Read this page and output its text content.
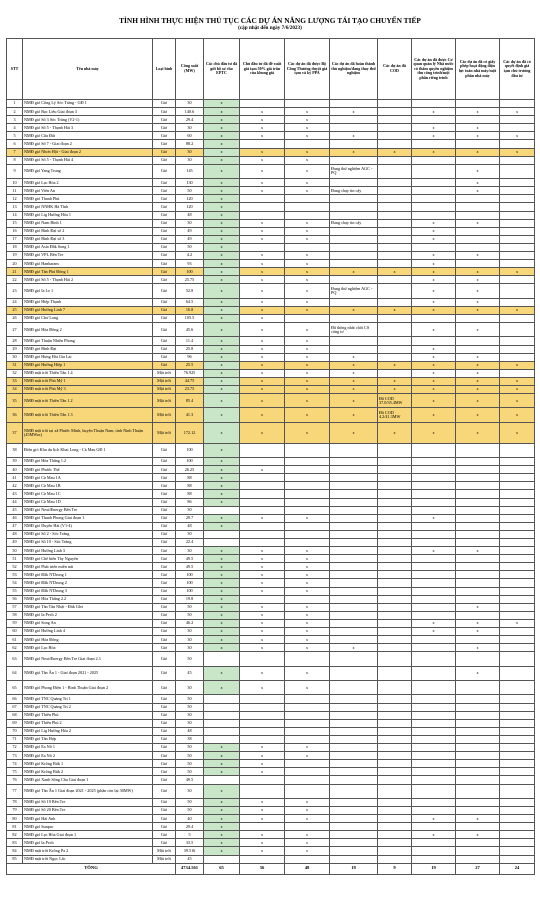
TÌNH HÌNH THỰC HIỆN THỦ TỤC CÁC DỰ ÁN NĂNG LƯỢNG TÁI TẠO CHUYỂN TIẾP
(cập nhật đến ngày 7/6/2023)
STT	Tên nhà máy	Loại hình	Công suất (MW)	Các chủ đầu tư đã gửi hồ sơ cho EPTC	Chủ đầu tư đã đề xuất giá tạm 50% giá trần của khung giá	Các dự án đã được Bộ Công Thương duyệt giá tạm và ký PPA	Các dự án đã hoàn thành thủ nghiệm/đang thay thử nghiệm	Các dự án đã COD	Các dự án đã được Cơ quan quản lý Nhà nước có thẩm quyền nghiệm thu công trình/một phần riêng trình	Các dự án đã có giấy phép hoạt động điện lực toàn nhà máy/một phần nhà máy	Các dự án đã có quyết định giá tạm chủ trương đầu tư
1	NMĐ gió Công Lý Sóc Trăng - GĐ 1	Gió	30	x							
2	NMĐ gió Bạc Liêu Giai đoạn 3	Gió	140.6	x	x	x	x		x	x	x
3	NMĐ gió Số 3 Sóc Trăng (V2-1)	Gió	29.4	x	x	x					
4	NMĐ gió Số 5 - Thạnh Hải 3	Gió	30	x	x	x			x	x	
5	NMĐ gió Cầu Đất	Gió	60	x	x	x	x		x	x	x
6	NMĐ gió Số 7 - Giai đoạn 2	Gió	88.2	x							
7	NMĐ gió Nhơn Hội - Giai đoạn 2	Gió	30	x	x	x	x	x	x	x	x
8	NMĐ gió Số 5 - Thạnh Hải 4	Gió	30	x	x	x					
9	NMĐ gió Yang Trung	Gió	145	x	x	x	Đang thử nghiệm AGC - PQ			x	
10	NMĐ gió Lạc Hòa 2	Gió	130	x	x	x				x	
11	NMĐ gió Viên An	Gió	50	x	x	x	Đang chạy tin cậy			x	
12	NMĐ gió Thanh Phú	Gió	120	x							
13	NMĐ gió NNHK Hà Tĩnh	Gió	120	x							
14	NMĐ gió Lig Hướng Hóa 1	Gió	48	x							
15	NMĐ gió Nam Bình 1	Gió	30	x	x	x	Đang chạy tin cậy		x	x	
16	NMĐ gió Bình Đại số 2	Gió	49	x	x	x			x		
17	NMĐ gió Bình Đại số 3	Gió	49	x	x	x			x		
18	NMĐ gió Asia Đắk Song 1	Gió	50	x							
19	NMĐ gió VPL Bến Tre	Gió	4.2	x	x	x			x	x	
20	NMĐ gió Hanbaram	Gió	93	x	x	x			x		
21	NMĐ gió Tân Phú Đông 1	Gió	100	x	x	x	x	x	x	x	x
22	NMĐ gió Số 5 - Thạnh Hải 2	Gió	25.75	x	x	x			x	x	
23	NMĐ gió Ia Le 1	Gió	52.8	x	x	x	Đang thử nghiệm AGC - PQ		x	x	
24	NMĐ gió Hiệp Thạnh	Gió	64.5	x	x	x			x	x	
25	NMĐ gió Hướng Linh 7	Gió	16.8	x	x	x	x	x	x	x	x
26	NMĐ gió Chơ Long	Gió	105.5	x	x						
27	NMĐ gió Hòa Đông 2	Gió	45.6	x	x	x	Đã thông nhất chốt CS công tơ		x	x	
28	NMĐ gió Thuận Nhiên Phong	Gió	11.4	x	x	x					
29	NMĐ gió Bình Đại	Gió	25.8	x	x	x			x		
30	NMĐ gió Hưng Hải Gia Lai	Gió	96	x	x	x	x		x	x	
31	NMĐ gió Hướng Hiệp 1	Gió	25.5	x	x	x	x	x	x	x	x
32	NMĐ mặt trời Thiên Tân 1.4	Mặt trời	76.925	x	x	x	x		x	x	
33	NMĐ mặt trời Phú Mỹ 1	Mặt trời	44.75	x	x	x	x	x	x	x	x
34	NMĐ mặt trời Phú Mỹ 3	Mặt trời	23.75	x	x	x	x	x	x	x	x
35	NMĐ mặt trời Thiên Tân 1.2	Mặt trời	85.4	x	x	x	x	Đã COD 37.0/35.4MW	x	x	x
36	NMĐ mặt trời Thiên Tân 1.3	Mặt trời	41.3	x	x	x	x	Đã COD 4.2/41.3MW	x	x	x
37	NMĐ mặt trời tại xã Phước Minh, huyện Thuận Nam, tỉnh Ninh Thuận (45MWac)	Mặt trời	172.12	x	x	x	x	x	x	x	x
38	Điện gió Khu du lịch Khai Long - Cà Mau GĐ 1	Gió	100	x							
39	NMĐ gió Hòa Thắng 1.2	Gió	100	x							
40	NMĐ gió Phước Thể	Gió	26.25	x	x						
41	NMĐ gió Cà Mau 1A	Gió	88	x							
42	NMĐ gió Cà Mau 1B	Gió	88	x							
43	NMĐ gió Cà Mau 1C	Gió	88	x							
44	NMĐ gió Cà Mau 1D	Gió	86	x							
45	NMĐ gió NexifEnergy Bến Tre	Gió	30								
46	NMĐ gió Thanh Phong Giai đoạn 1	Gió	29.7	x	x	x			x		
47	NMĐ gió Duyên Hải (V1-4)	Gió	48	x							
48	NMĐ gió Số 2 - Sóc Trăng	Gió	30								
49	NMĐ gió Số 10 - Sóc Trăng	Gió	22.4								
50	NMĐ gió Hướng Linh 3	Gió	30	x	x	x			x	x	
51	NMĐ gió Chế biến Tây Nguyên	Gió	49.5	x	x	x					
52	NMĐ gió Phát triển miền núi	Gió	49.5	x	x	x					
53	NMĐ gió Đắk N'Drung 1	Gió	100	x	x	x					
54	NMĐ gió Đắk N'Drung 2	Gió	100	x	x	x					
55	NMĐ gió Đắk N'Drung 3	Gió	100	x	x	x					
56	NMĐ gió Hòa Thắng 2.2	Gió	19.8	x							
57	NMĐ gió Tân Tấn Nhật - Đăk Glei	Gió	50	x	x	x				x	
58	NMĐ gió Ia Pech 2	Gió	50	x	x	x					
59	NMĐ gió Song An	Gió	46.2	x	x	x			x	x	x
60	NMĐ gió Hướng Linh 4	Gió	30	x	x	x			x	x	
61	NMĐ gió Hòa Đông	Gió	30	x	x	x					
62	NMĐ gió Lạc Hòa	Gió	30	x	x	x	x			x	
63	NMĐ gió NexifEnergy Bến Tre Giai đoạn 2.1	Gió	50								
64	NMĐ gió Tân Ân 1 - Giai đoạn 2021 - 2025	Gió	45	x	x	x				x	
65	NMĐ gió Phong Điện 1 - Bình Thuận Giai đoạn 2	Gió	30	x	x	x					
66	NMĐ gió TNC Quảng Trị 1	Gió	50								
67	NMĐ gió TNC Quảng Trị 2	Gió	50								
68	NMĐ gió Thiên Phú	Gió	30								
69	NMĐ gió Thiên Phú 2	Gió	30								
70	NMĐ gió Lig Hướng Hóa 2	Gió	48								
71	NMĐ gió Tân Hợp	Gió	38								
72	NMĐ gió Ea Nô 1	Gió	50	x	x	x					
73	NMĐ gió Ea Nô 2	Gió	50	x	x	x					
74	NMĐ gió Krông Búk 1	Gió	50	x	x						
75	NMĐ gió Krông Búk 2	Gió	50	x	x						
76	NMĐ gió Xanh Sông Cầu Giai đoạn 1	Gió	49.5								
77	NMĐ gió Tân Ân 1 Giai đoạn 2021 - 2025 (phần còn lại 30MW)	Gió	30	x							
78	NMĐ gió Số 19 Bến Tre	Gió	50	x	x	x					
79	NMĐ gió Số 20 Bến Tre	Gió	50	x	x	x					
80	NMĐ gió Hải Anh	Gió	40	x	x	x			x	x	
81	NMĐ gió Sunpro	Gió	29.4	x							
82	NMĐ gió Lạc Hòa Giai đoạn 1	Gió	5	x	x	x			x	x	
83	NMĐ gió Ia Pech	Gió	33.5	x	x	x					
84	NMĐ mặt trời Krông Pa 2	Mặt trời	39.516	x	x	x					
85	NMĐ mặt trời Ngọc Lắc	Mặt trời	45								
TỔNG			4734.561	65	56	48	18	9	19	27	24
